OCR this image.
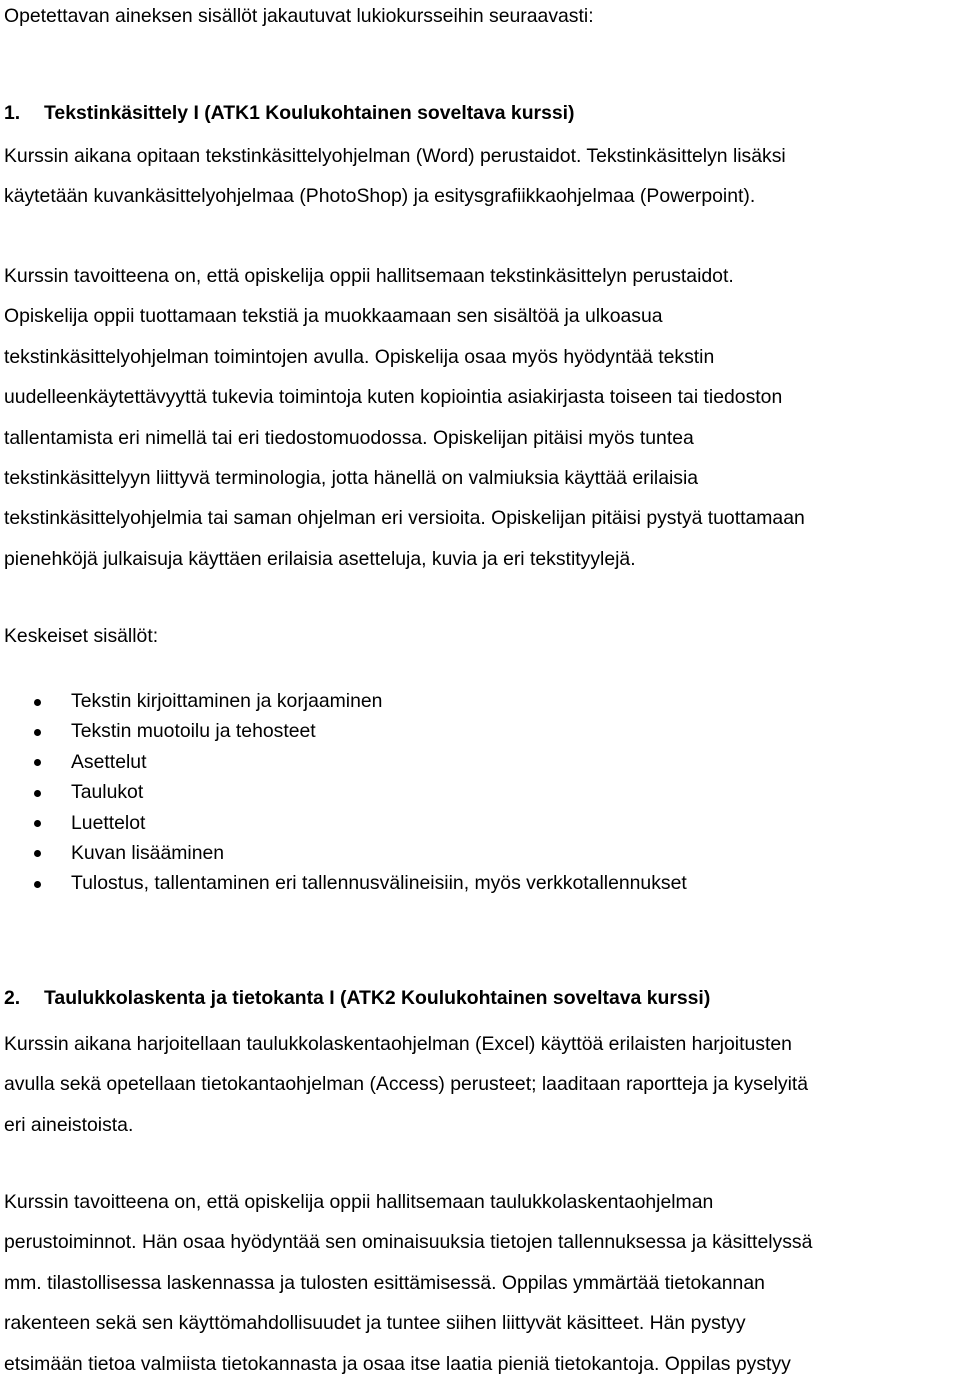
Opetettavan aineksen sisällöt jakautuvat lukiokursseihin seuraavasti:
1. Tekstinkäsittely I (ATK1 Koulukohtainen soveltava kurssi)
Kurssin aikana opitaan tekstinkäsittelyohjelman (Word) perustaidot. Tekstinkäsittelyn lisäksi
käytetään kuvankäsittelyohjelmaa (PhotoShop) ja esitysgrafiikkaohjelmaa (Powerpoint).
Kurssin tavoitteena on, että opiskelija oppii hallitsemaan tekstinkäsittelyn perustaidot.
Opiskelija oppii tuottamaan tekstiä ja muokkaamaan sen sisältöä ja ulkoasua
tekstinkäsittelyohjelman toimintojen avulla. Opiskelija osaa myös hyödyntää tekstin
uudelleenkäytettävyyttä tukevia toimintoja kuten kopiointia asiakirjasta toiseen tai tiedoston
tallentamista eri nimellä tai eri tiedostomuodossa. Opiskelijan pitäisi myös tuntea
tekstinkäsittelyyn liittyvä terminologia, jotta hänellä on valmiuksia käyttää erilaisia
tekstinkäsittelyohjelmia tai saman ohjelman eri versioita. Opiskelijan pitäisi pystyä tuottamaan
pienehköjä julkaisuja käyttäen erilaisia asetteluja, kuvia ja eri tekstityylejä.
Keskeiset sisällöt:
Tekstin kirjoittaminen ja korjaaminen
Tekstin muotoilu ja tehosteet
Asettelut
Taulukot
Luettelot
Kuvan lisääminen
Tulostus, tallentaminen eri tallennusvälineisiin, myös verkkotallennukset
2. Taulukkolaskenta ja tietokanta I (ATK2 Koulukohtainen soveltava kurssi)
Kurssin aikana harjoitellaan taulukkolaskentaohjelman (Excel) käyttöä erilaisten harjoitusten
avulla sekä opetellaan tietokantaohjelman (Access) perusteet; laaditaan raportteja ja kyselyitä
eri aineistoista.
Kurssin tavoitteena on, että opiskelija oppii hallitsemaan taulukkolaskentaohjelman
perustoiminnot. Hän osaa hyödyntää sen ominaisuuksia tietojen tallennuksessa ja käsittelyssä
mm. tilastollisessa laskennassa ja tulosten esittämisessä. Oppilas ymmärtää tietokannan
rakenteen sekä sen käyttömahdollisuudet ja tuntee siihen liittyvät käsitteet. Hän pystyy
etsimään tietoa valmiista tietokannasta ja osaa itse laatia pieniä tietokantoja. Oppilas pystyy
